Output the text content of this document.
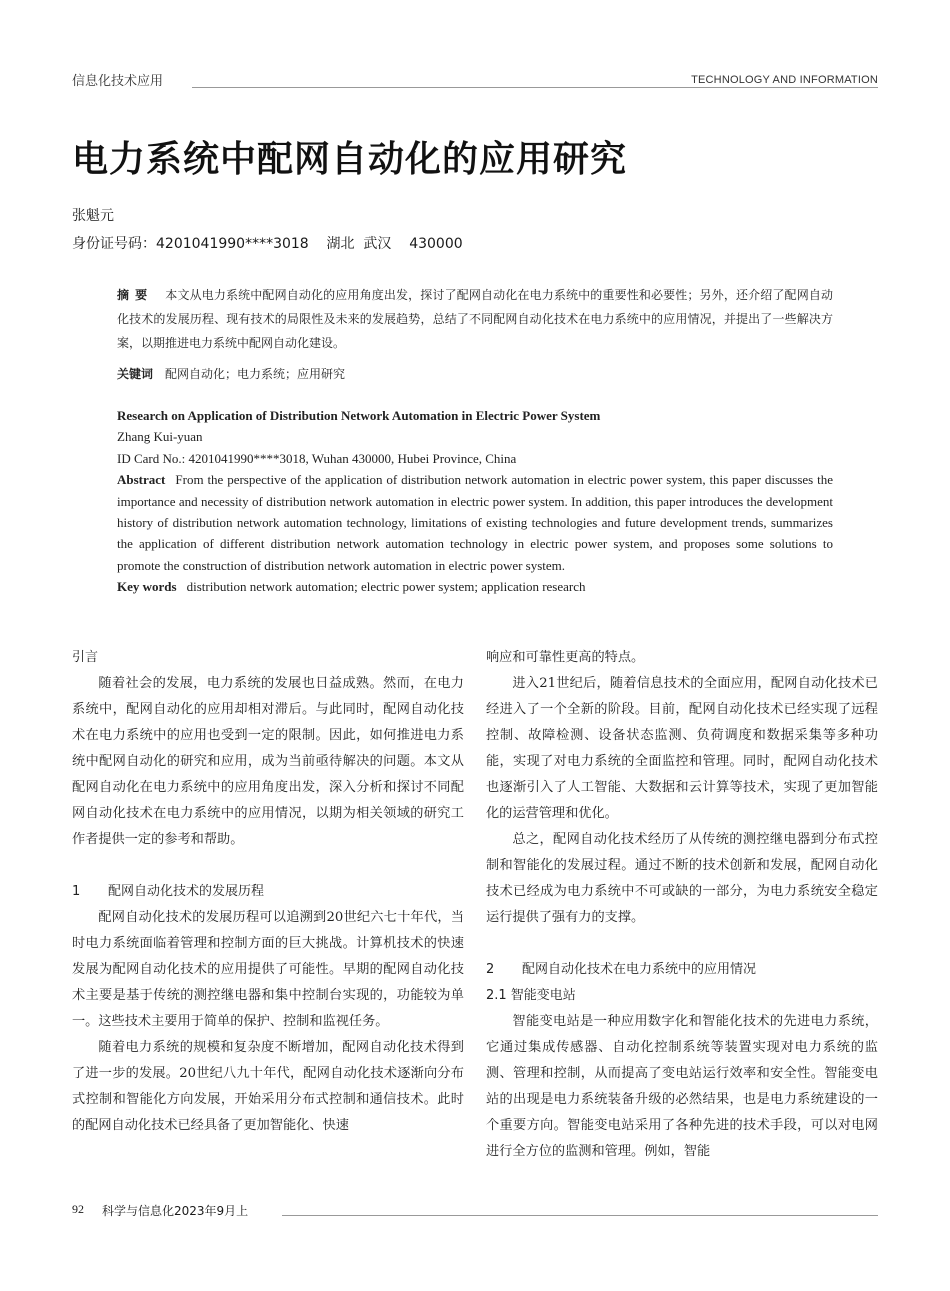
信息化技术应用	TECHNOLOGY AND INFORMATION
电力系统中配网自动化的应用研究
张魁元
身份证号码：4201041990****3018    湖北  武汉    430000

摘要 本文从电力系统中配网自动化的应用角度出发，探讨了配网自动化在电力系统中的重要性和必要性；另外，还介绍了配网自动化技术的发展历程、现有技术的局限性及未来的发展趋势，总结了不同配网自动化技术在电力系统中的应用情况，并提出了一些解决方案，以期推进电力系统中配网自动化建设。

关键词 配网自动化；电力系统；应用研究

Research on Application of Distribution Network Automation in Electric Power System

Zhang Kui-yuan

ID Card No.: 4201041990****3018, Wuhan 430000, Hubei Province, China

Abstract From the perspective of the application of distribution network automation in electric power system, this paper discusses the importance and necessity of distribution network automation in electric power system. In addition, this paper introduces the development history of distribution network automation technology, limitations of existing technologies and future development trends, summarizes the application of different distribution network automation technology in electric power system, and proposes some solutions to promote the construction of distribution network automation in electric power system.

Key words distribution network automation; electric power system; application research

引言

随着社会的发展，电力系统的发展也日益成熟。然而，在电力系统中，配网自动化的应用却相对滞后。与此同时，配网自动化技术在电力系统中的应用也受到一定的限制。因此，如何推进电力系统中配网自动化的研究和应用，成为当前亟待解决的问题。本文从配网自动化在电力系统中的应用角度出发，深入分析和探讨不同配网自动化技术在电力系统中的应用情况，以期为相关领域的研究工作者提供一定的参考和帮助。

1 配网自动化技术的发展历程

配网自动化技术的发展历程可以追溯到20世纪六七十年代，当时电力系统面临着管理和控制方面的巨大挑战。计算机技术的快速发展为配网自动化技术的应用提供了可能性。早期的配网自动化技术主要是基于传统的测控继电器和集中控制台实现的，功能较为单一。这些技术主要用于简单的保护、控制和监视任务。

随着电力系统的规模和复杂度不断增加，配网自动化技术得到了进一步的发展。20世纪八九十年代，配网自动化技术逐渐向分布式控制和智能化方向发展，开始采用分布式控制和通信技术。此时的配网自动化技术已经具备了更加智能化、快速

响应和可靠性更高的特点。

进入21世纪后，随着信息技术的全面应用，配网自动化技术已经进入了一个全新的阶段。目前，配网自动化技术已经实现了远程控制、故障检测、设备状态监测、负荷调度和数据采集等多种功能，实现了对电力系统的全面监控和管理。同时，配网自动化技术也逐渐引入了人工智能、大数据和云计算等技术，实现了更加智能化的运营管理和优化。

总之，配网自动化技术经历了从传统的测控继电器到分布式控制和智能化的发展过程。通过不断的技术创新和发展，配网自动化技术已经成为电力系统中不可或缺的一部分，为电力系统安全稳定运行提供了强有力的支撑。

2 配网自动化技术在电力系统中的应用情况
2.1 智能变电站

智能变电站是一种应用数字化和智能化技术的先进电力系统，它通过集成传感器、自动化控制系统等装置实现对电力系统的监测、管理和控制，从而提高了变电站运行效率和安全性。智能变电站的出现是电力系统装备升级的必然结果，也是电力系统建设的一个重要方向。智能变电站采用了各种先进的技术手段，可以对电网进行全方位的监测和管理。例如，智能

92 科学与信息化2023年9月上
